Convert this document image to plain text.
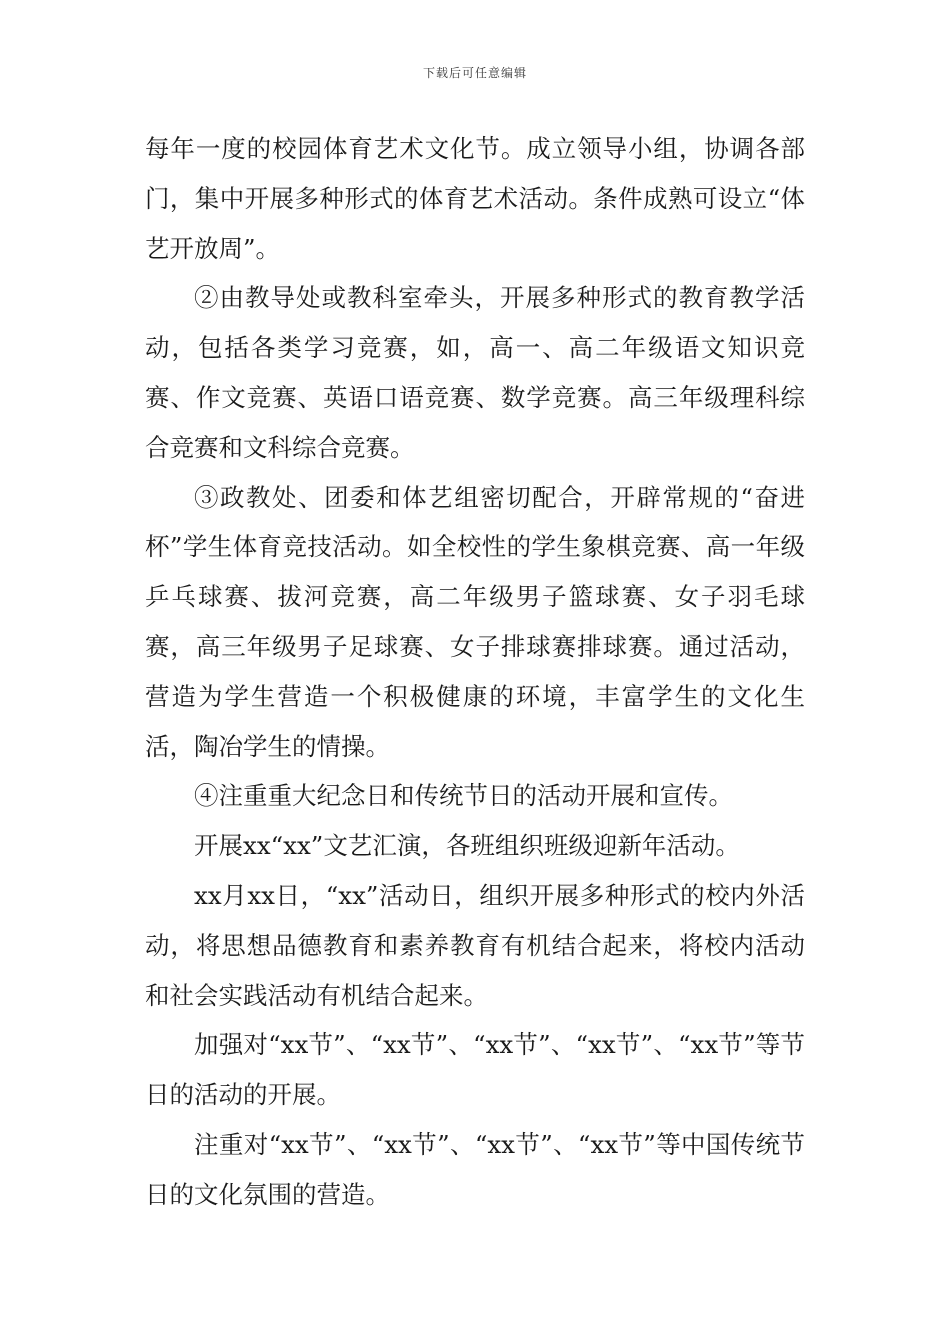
下载后可任意编辑

每年一度的校园体育艺术文化节。成立领导小组，协调各部门，集中开展多种形式的体育艺术活动。条件成熟可设立“体艺开放周”。

②由教导处或教科室牵头，开展多种形式的教育教学活动，包括各类学习竞赛，如，高一、高二年级语文知识竞赛、作文竞赛、英语口语竞赛、数学竞赛。高三年级理科综合竞赛和文科综合竞赛。

③政教处、团委和体艺组密切配合，开辟常规的“奋进杯”学生体育竞技活动。如全校性的学生象棋竞赛、高一年级乒乓球赛、拔河竞赛，高二年级男子篮球赛、女子羽毛球赛，高三年级男子足球赛、女子排球赛排球赛。通过活动，营造为学生营造一个积极健康的环境，丰富学生的文化生活，陶冶学生的情操。

④注重重大纪念日和传统节日的活动开展和宣传。

开展xx“xx”文艺汇演，各班组织班级迎新年活动。

xx月xx日，“xx”活动日，组织开展多种形式的校内外活动，将思想品德教育和素养教育有机结合起来，将校内活动和社会实践活动有机结合起来。

加强对“xx节”、“xx节”、“xx节”、“xx节”、“xx节”等节日的活动的开展。

注重对“xx节”、“xx节”、“xx节”、“xx节”等中国传统节日的文化氛围的营造。
